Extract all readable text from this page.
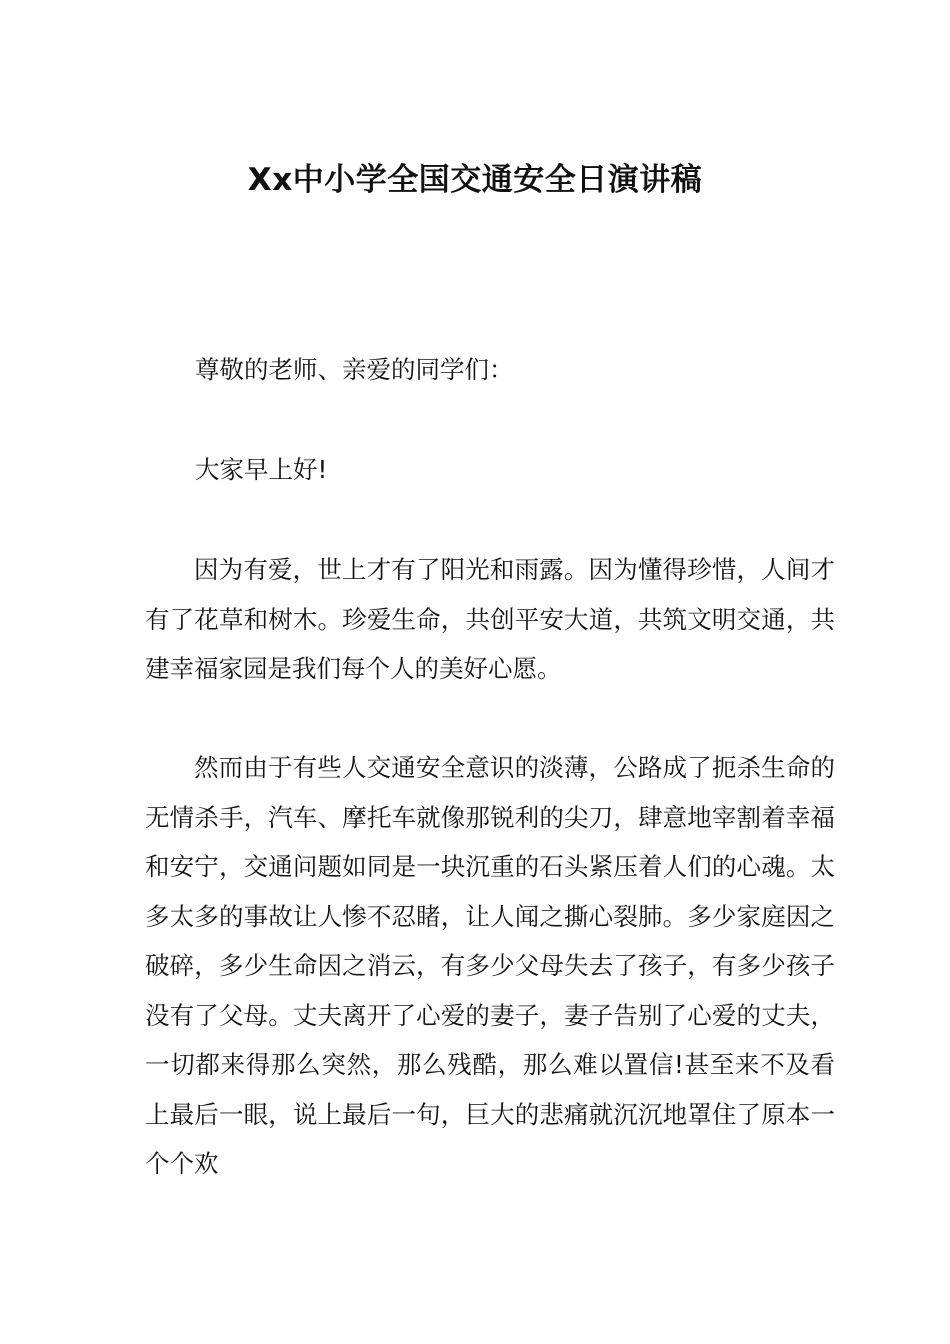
Xx中小学全国交通安全日演讲稿
尊敬的老师、亲爱的同学们：
大家早上好!

因为有爱，世上才有了阳光和雨露。因为懂得珍惜，人间才有了花草和树木。珍爱生命，共创平安大道，共筑文明交通，共建幸福家园是我们每个人的美好心愿。

然而由于有些人交通安全意识的淡薄，公路成了扼杀生命的无情杀手，汽车、摩托车就像那锐利的尖刀，肆意地宰割着幸福和安宁，交通问题如同是一块沉重的石头紧压着人们的心魂。太多太多的事故让人惨不忍睹，让人闻之撕心裂肺。多少家庭因之破碎，多少生命因之消云，有多少父母失去了孩子，有多少孩子没有了父母。丈夫离开了心爱的妻子，妻子告别了心爱的丈夫，一切都来得那么突然，那么残酷，那么难以置信!甚至来不及看上最后一眼，说上最后一句，巨大的悲痛就沉沉地罩住了原本一个个欢
